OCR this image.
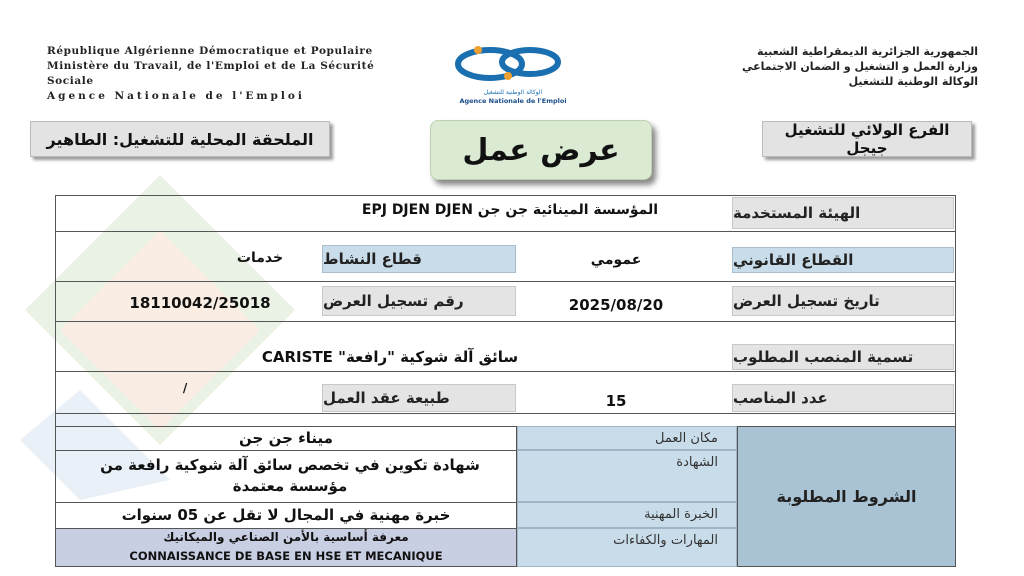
République Algérienne Démocratique et Populaire
Ministère du Travail, de l'Emploi et de La Sécurité Sociale
Agence Nationale de l'Emploi	الوكالة الوطنية للتشغيل
Agence Nationale de l'Emploi
الجمهورية الجزائرية الديمقراطية الشعبية
وزارة العمل و التشغيل و الضمان الاجتماعي
الوكالة الوطنية للتشغيل
الملحقة المحلية للتشغيل: الطاهير	الفرع الولائي للتشغيل جيجل
عرض عمل
الهيئة المستخدمة
المؤسسة المينائية جن جن EPJ DJEN DJEN
القطاع القانوني
عمومي
قطاع النشاط
خدمات
تاريخ تسجيل العرض
2025/08/20
رقم تسجيل العرض
18110042/25018
تسمية المنصب المطلوب
سائق آلة شوكية "رافعة" CARISTE
عدد المناصب
15
طبيعة عقد العمل
/
الشروط المطلوبة
مكان العمل
الشهادة
الخبرة المهنية
المهارات والكفاءات
ميناء جن جن
شهادة تكوين في تخصص سائق آلة شوكية رافعة من مؤسسة معتمدة
خبرة مهنية في المجال لا تقل عن 05 سنوات
معرفة أساسية بالأمن الصناعي والميكانيك
CONNAISSANCE DE BASE EN HSE ET MECANIQUE
